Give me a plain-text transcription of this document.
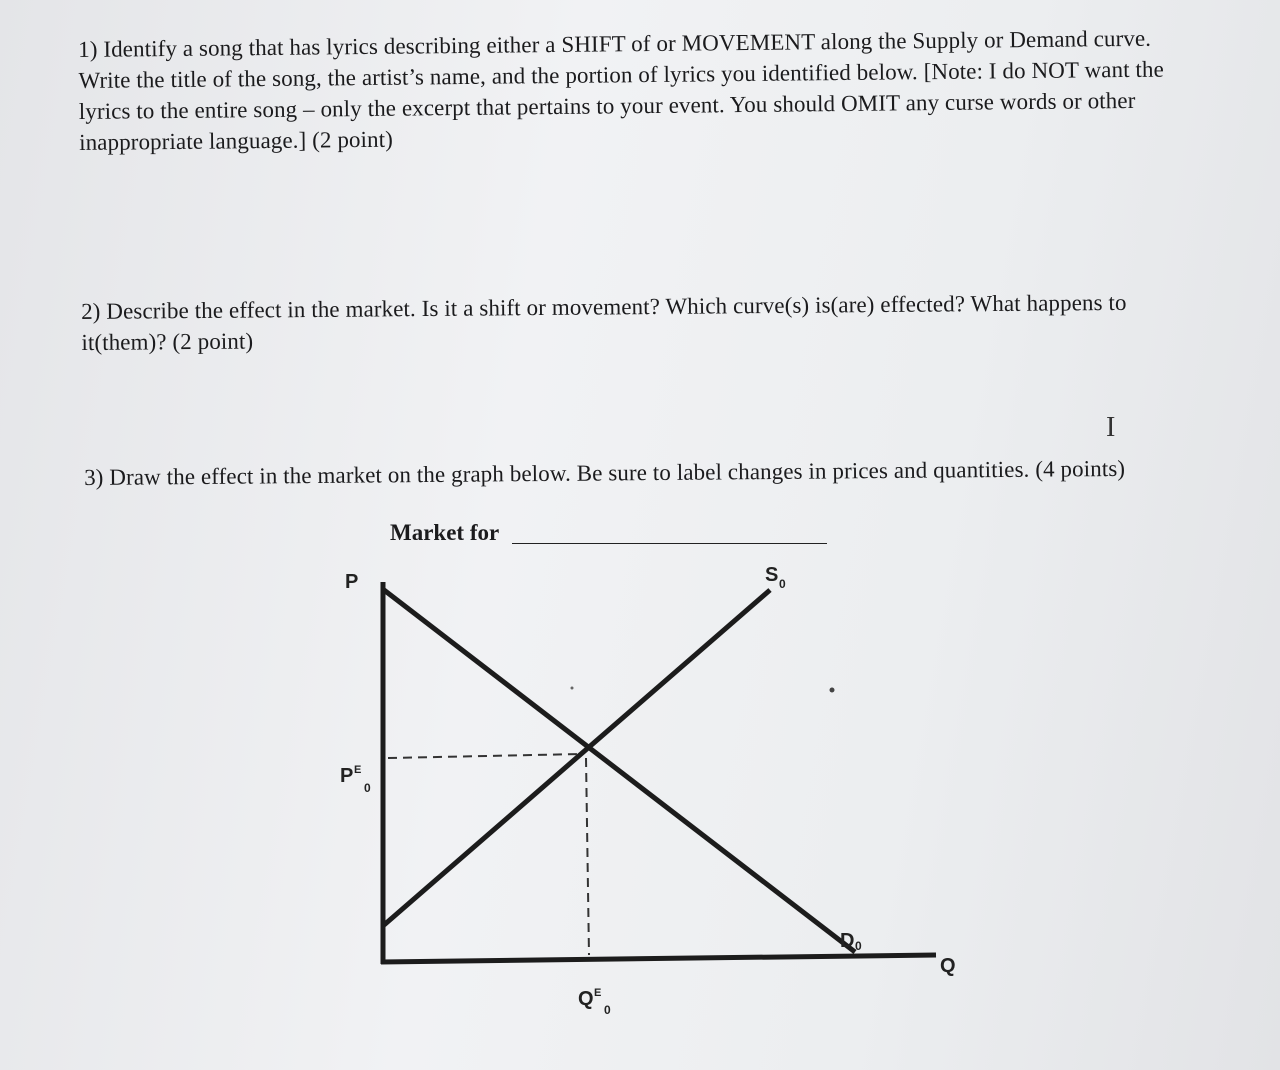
1) Identify a song that has lyrics describing either a SHIFT of or MOVEMENT along the Supply or Demand curve. Write the title of the song, the artist’s name, and the portion of lyrics you identified below. [Note: I do NOT want the lyrics to the entire song – only the excerpt that pertains to your event. You should OMIT any curse words or other inappropriate language.] (2 point)
2) Describe the effect in the market. Is it a shift or movement? Which curve(s) is(are) effected? What happens to it(them)? (2 point)
I
3) Draw the effect in the market on the graph below. Be sure to label changes in prices and quantities. (4 points)
Market for
P
Q
S 0
D 0
P E
0
Q E
0
